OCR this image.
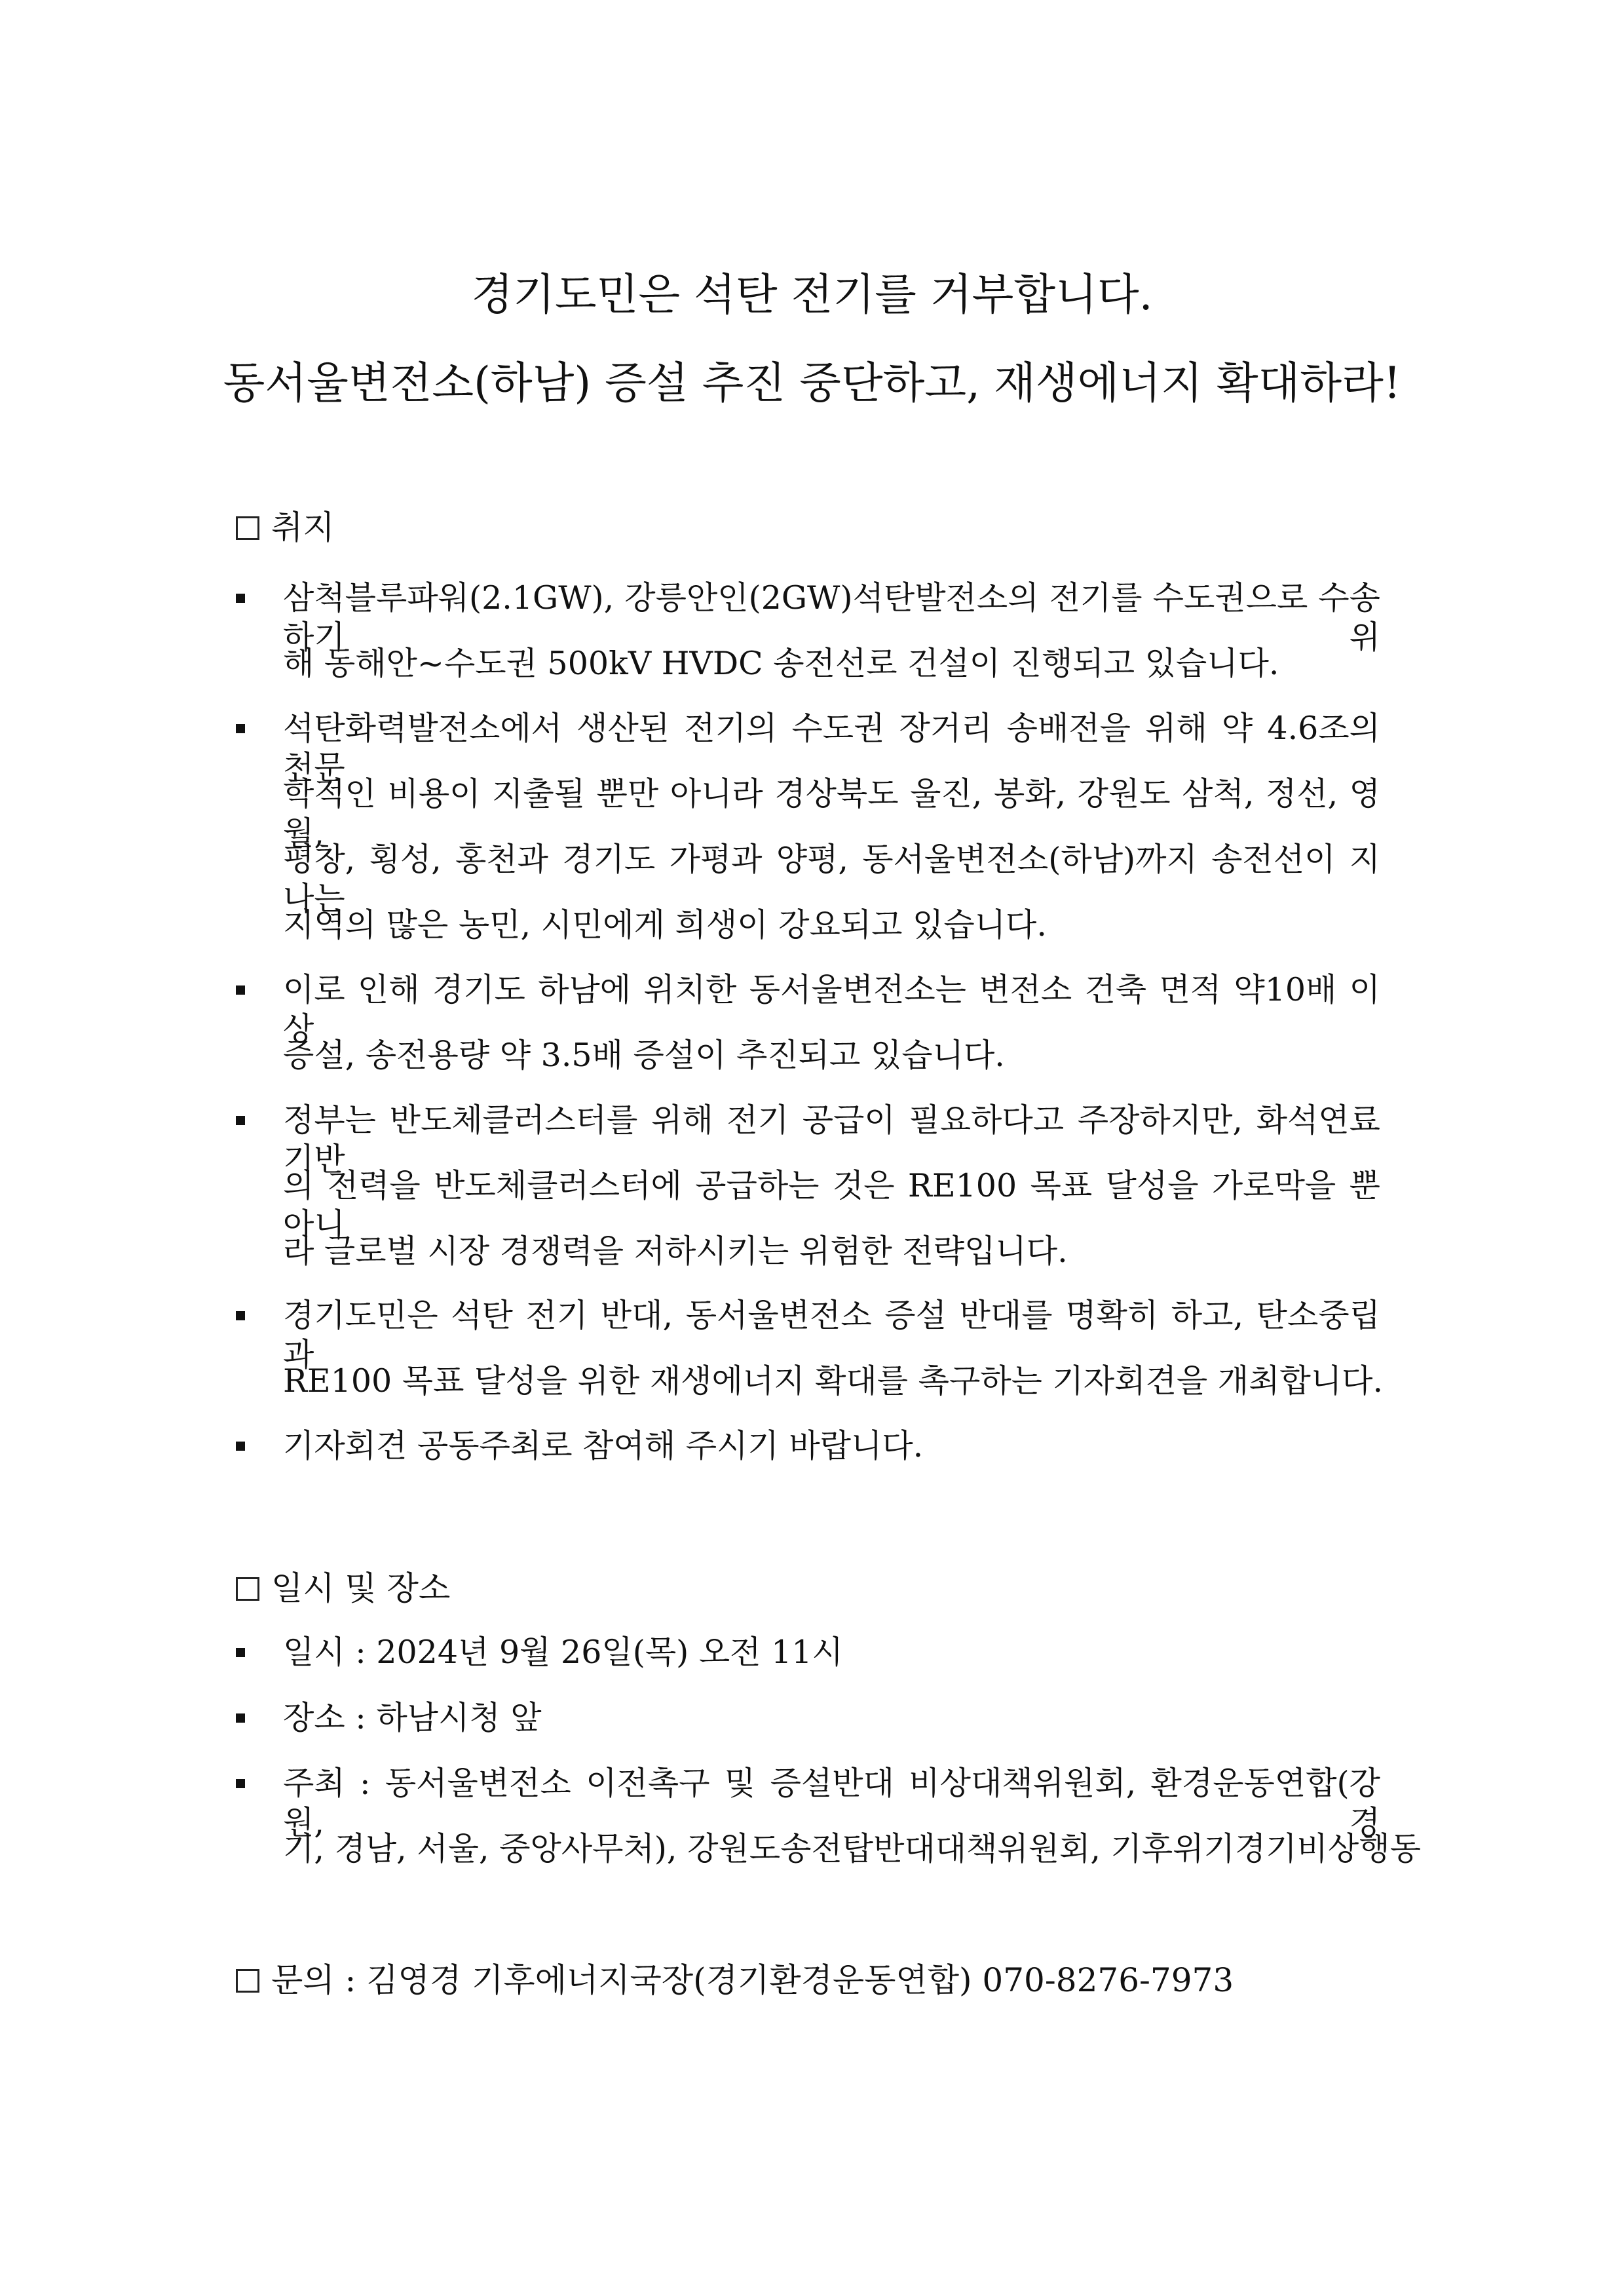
경기도민은 석탄 전기를 거부합니다.
동서울변전소(하남) 증설 추진 중단하고, 재생에너지 확대하라!
취지
삼척블루파워(2.1GW), 강릉안인(2GW)석탄발전소의 전기를 수도권으로 수송하기 위
해 동해안~수도권 500kV HVDC 송전선로 건설이 진행되고 있습니다.
석탄화력발전소에서 생산된 전기의 수도권 장거리 송배전을 위해 약 4.6조의 천문
학적인 비용이 지출될 뿐만 아니라 경상북도 울진, 봉화, 강원도 삼척, 정선, 영월,
평창, 횡성, 홍천과 경기도 가평과 양평, 동서울변전소(하남)까지 송전선이 지나는
지역의 많은 농민, 시민에게 희생이 강요되고 있습니다.
이로 인해 경기도 하남에 위치한 동서울변전소는 변전소 건축 면적 약10배 이상
증설, 송전용량 약 3.5배 증설이 추진되고 있습니다.
정부는 반도체클러스터를 위해 전기 공급이 필요하다고 주장하지만, 화석연료 기반
의 전력을 반도체클러스터에 공급하는 것은 RE100 목표 달성을 가로막을 뿐 아니
라 글로벌 시장 경쟁력을 저하시키는 위험한 전략입니다.
경기도민은 석탄 전기 반대, 동서울변전소 증설 반대를 명확히 하고, 탄소중립과
RE100 목표 달성을 위한 재생에너지 확대를 촉구하는 기자회견을 개최합니다.
기자회견 공동주최로 참여해 주시기 바랍니다.
일시 및 장소
일시 : 2024년 9월 26일(목) 오전 11시
장소 : 하남시청 앞
주최 : 동서울변전소 이전촉구 및 증설반대 비상대책위원회, 환경운동연합(강원, 경
기, 경남, 서울, 중앙사무처), 강원도송전탑반대대책위원회, 기후위기경기비상행동
문의 : 김영경 기후에너지국장(경기환경운동연합) 070-8276-7973
